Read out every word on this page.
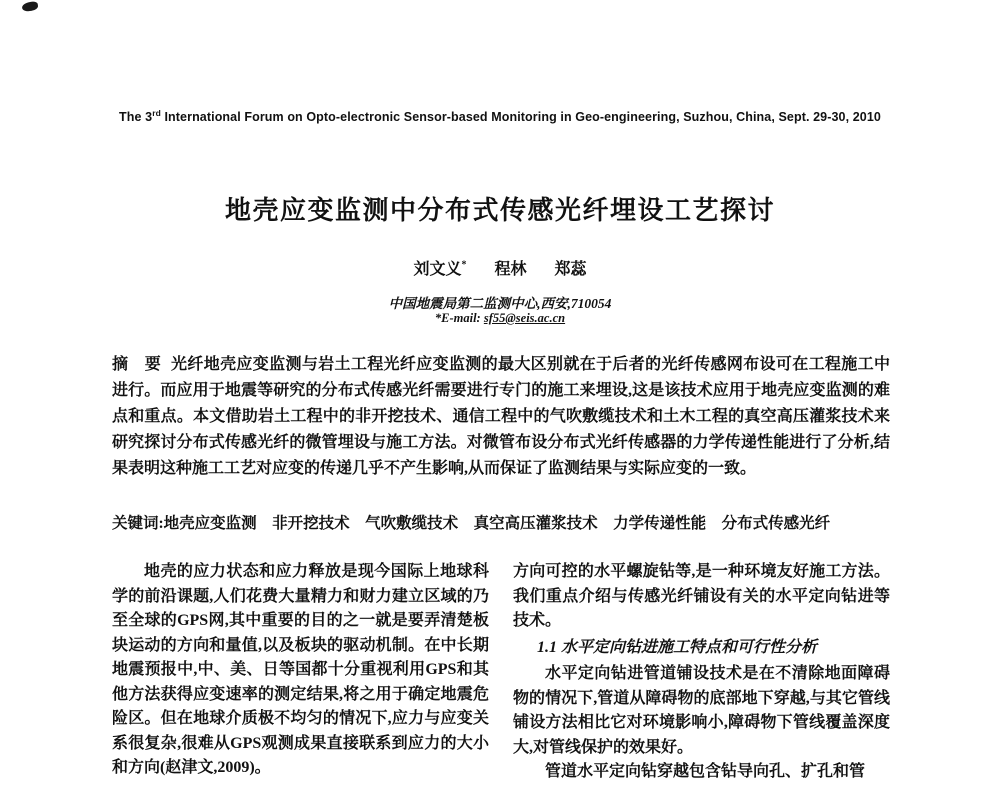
The 3rd International Forum on Opto-electronic Sensor-based Monitoring in Geo-engineering, Suzhou, China, Sept. 29-30, 2010
地壳应变监测中分布式传感光纤埋设工艺探讨
刘文义* 程林 郑蕊
中国地震局第二监测中心,西安,710054
*E-mail: sf55@seis.ac.cn

摘　要 光纤地壳应变监测与岩土工程光纤应变监测的最大区别就在于后者的光纤传感网布设可在工程施工中进行。而应用于地震等研究的分布式传感光纤需要进行专门的施工来埋设,这是该技术应用于地壳应变监测的难点和重点。本文借助岩土工程中的非开挖技术、通信工程中的气吹敷缆技术和土木工程的真空高压灌浆技术来研究探讨分布式传感光纤的微管埋设与施工方法。对微管布设分布式光纤传感器的力学传递性能进行了分析,结果表明这种施工工艺对应变的传递几乎不产生影响,从而保证了监测结果与实际应变的一致。

关键词:地壳应变监测　非开挖技术　气吹敷缆技术　真空高压灌浆技术　力学传递性能　分布式传感光纤

地壳的应力状态和应力释放是现今国际上地球科学的前沿课题,人们花费大量精力和财力建立区域的乃至全球的GPS网,其中重要的目的之一就是要弄清楚板块运动的方向和量值,以及板块的驱动机制。在中长期地震预报中,中、美、日等国都十分重视利用GPS和其他方法获得应变速率的测定结果,将之用于确定地震危险区。但在地球介质极不均匀的情况下,应力与应变关系很复杂,很难从GPS观测成果直接联系到应力的大小和方向(赵津文,2009)。

方向可控的水平螺旋钻等,是一种环境友好施工方法。我们重点介绍与传感光纤铺设有关的水平定向钻进等技术。

1.1 水平定向钻进施工特点和可行性分析

水平定向钻进管道铺设技术是在不清除地面障碍物的情况下,管道从障碍物的底部地下穿越,与其它管线铺设方法相比它对环境影响小,障碍物下管线覆盖深度大,对管线保护的效果好。

管道水平定向钻穿越包含钻导向孔、扩孔和管
